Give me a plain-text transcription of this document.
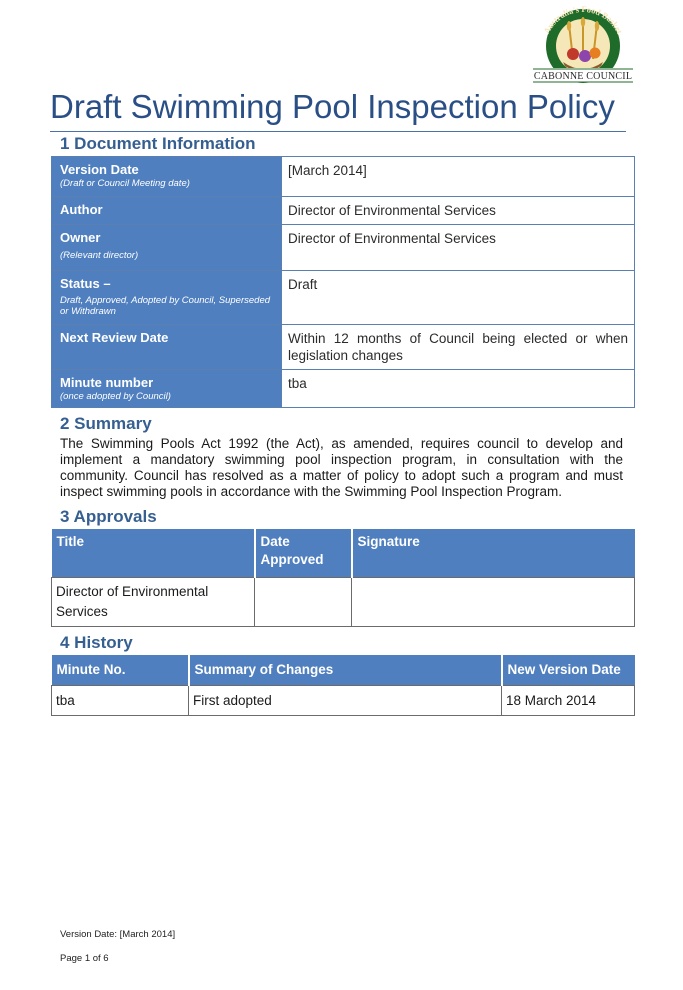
Australia's Food Basket
CABONNE COUNCIL
Draft Swimming Pool Inspection Policy
1 Document Information
Version Date
(Draft or Council Meeting date)	[March 2014]

Author	Director of Environmental Services

Owner
(Relevant director)	Director of Environmental Services

Status –
Draft, Approved, Adopted by Council, Superseded or Withdrawn	Draft

Next Review Date	Within 12 months of Council being elected or when legislation changes

Minute number
(once adopted by Council)	tba
2 Summary

The Swimming Pools Act 1992 (the Act), as amended, requires council to develop and implement a mandatory swimming pool inspection program, in consultation with the community. Council has resolved as a matter of policy to adopt such a program and must inspect swimming pools in accordance with the Swimming Pool Inspection Program.

3 Approvals
Title	Date Approved	Signature
Director of Environmental Services		
4 History
Minute No.	Summary of Changes	New Version Date
tba	First adopted	18 March 2014
Version Date: [March 2014]
Page 1 of 6
